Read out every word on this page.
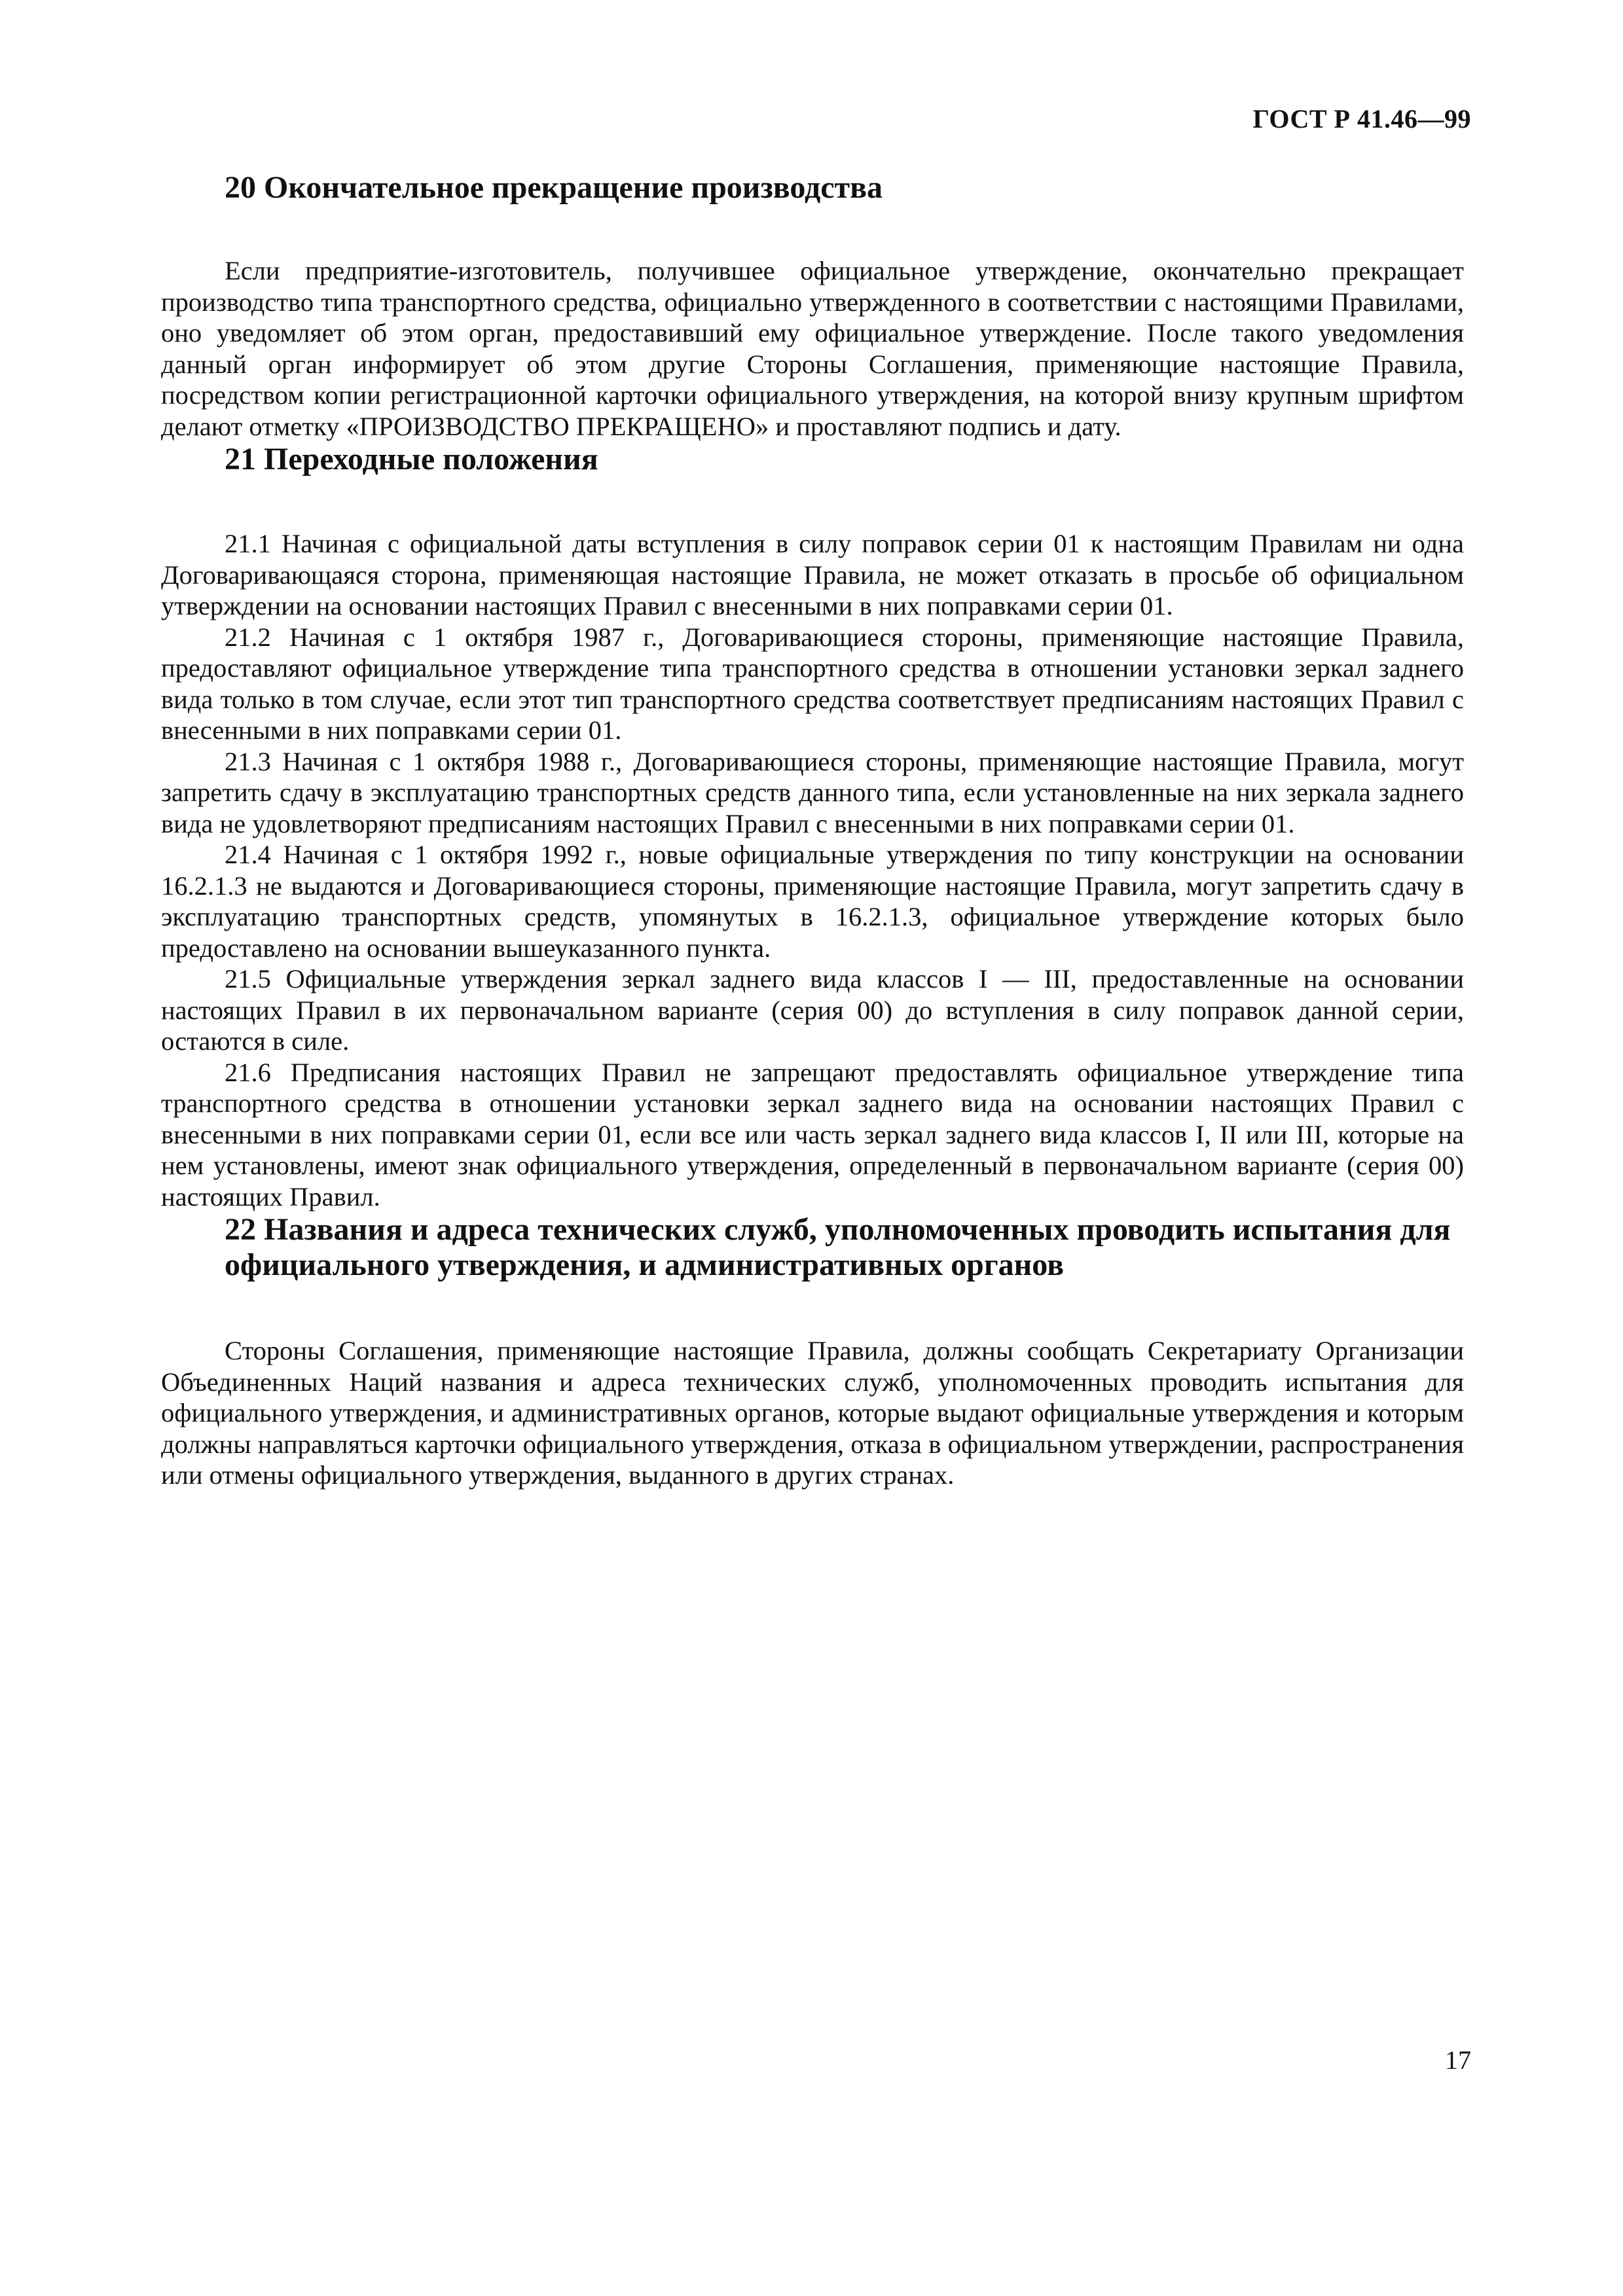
ГОСТ Р 41.46—99
20 Окончательное прекращение производства

Если предприятие-изготовитель, получившее официальное утверждение, окончательно прекращает производство типа транспортного средства, официально утвержденного в соответствии с настоящими Правилами, оно уведомляет об этом орган, предоставивший ему официальное утверждение. После такого уведомления данный орган информирует об этом другие Стороны Соглашения, применяющие настоящие Правила, посредством копии регистрационной карточки официального утверждения, на которой внизу крупным шрифтом делают отметку «ПРОИЗВОДСТВО ПРЕКРАЩЕНО» и проставляют подпись и дату.

21 Переходные положения

21.1 Начиная с официальной даты вступления в силу поправок серии 01 к настоящим Правилам ни одна Договаривающаяся сторона, применяющая настоящие Правила, не может отказать в просьбе об официальном утверждении на основании настоящих Правил с внесенными в них поправками серии 01.

21.2 Начиная с 1 октября 1987 г., Договаривающиеся стороны, применяющие настоящие Правила, предоставляют официальное утверждение типа транспортного средства в отношении установки зеркал заднего вида только в том случае, если этот тип транспортного средства соответствует предписаниям настоящих Правил с внесенными в них поправками серии 01.

21.3 Начиная с 1 октября 1988 г., Договаривающиеся стороны, применяющие настоящие Правила, могут запретить сдачу в эксплуатацию транспортных средств данного типа, если установленные на них зеркала заднего вида не удовлетворяют предписаниям настоящих Правил с внесенными в них поправками серии 01.

21.4 Начиная с 1 октября 1992 г., новые официальные утверждения по типу конструкции на основании 16.2.1.3 не выдаются и Договаривающиеся стороны, применяющие настоящие Правила, могут запретить сдачу в эксплуатацию транспортных средств, упомянутых в 16.2.1.3, официальное утверждение которых было предоставлено на основании вышеуказанного пункта.

21.5 Официальные утверждения зеркал заднего вида классов I — III, предоставленные на основании настоящих Правил в их первоначальном варианте (серия 00) до вступления в силу поправок данной серии, остаются в силе.

21.6 Предписания настоящих Правил не запрещают предоставлять официальное утверждение типа транспортного средства в отношении установки зеркал заднего вида на основании настоящих Правил с внесенными в них поправками серии 01, если все или часть зеркал заднего вида классов I, II или III, которые на нем установлены, имеют знак официального утверждения, определенный в первоначальном варианте (серия 00) настоящих Правил.

22 Названия и адреса технических служб, уполномоченных проводить испытания для официального утверждения, и административных органов

Стороны Соглашения, применяющие настоящие Правила, должны сообщать Секретариату Организации Объединенных Наций названия и адреса технических служб, уполномоченных проводить испытания для официального утверждения, и административных органов, которые выдают официальные утверждения и которым должны направляться карточки официального утверждения, отказа в официальном утверждении, распространения или отмены официального утверждения, выданного в других странах.

17
